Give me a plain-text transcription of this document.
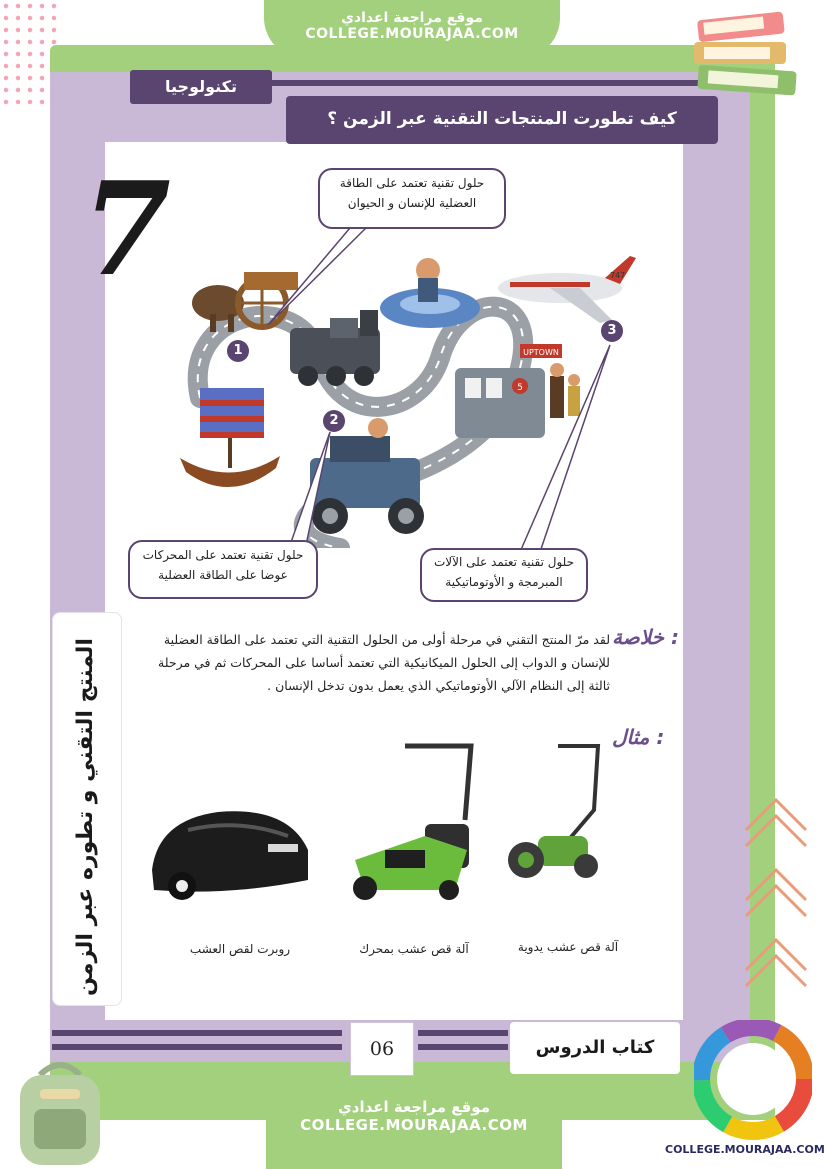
موقع مراجعة اعدادي
COLLEGE.MOURAJAA.COM
تكنولوجيا
كيف تطورت المنتجات التقنية عبر الزمن ؟
7
المنتج التقني و تطوره عبر الزمن
747
UPTOWN
5
1
2
3
حلول تقنية تعتمد على الطاقة العضلية للإنسان و الحيوان
حلول تقنية تعتمد على المحركات عوضا على الطاقة العضلية
حلول تقنية تعتمد على الآلات المبرمجة و الأوتوماتيكية
خلاصة :
لقد مرّ المنتج التقني في مرحلة أولى من الحلول التقنية التي تعتمد على الطاقة العضلية للإنسان و الدواب إلى الحلول الميكانيكية التي تعتمد أساسا على المحركات ثم في مرحلة ثالثة إلى النظام الآلي الأوتوماتيكي الذي يعمل بدون تدخل الإنسان .
مثال :
آلة قص عشب يدوية
آلة قص عشب بمحرك
روبرت لقص العشب
06	كتاب الدروس
موقع مراجعة اعدادي
COLLEGE.MOURAJAA.COM
COLLEGE.MOURAJAA.COM
